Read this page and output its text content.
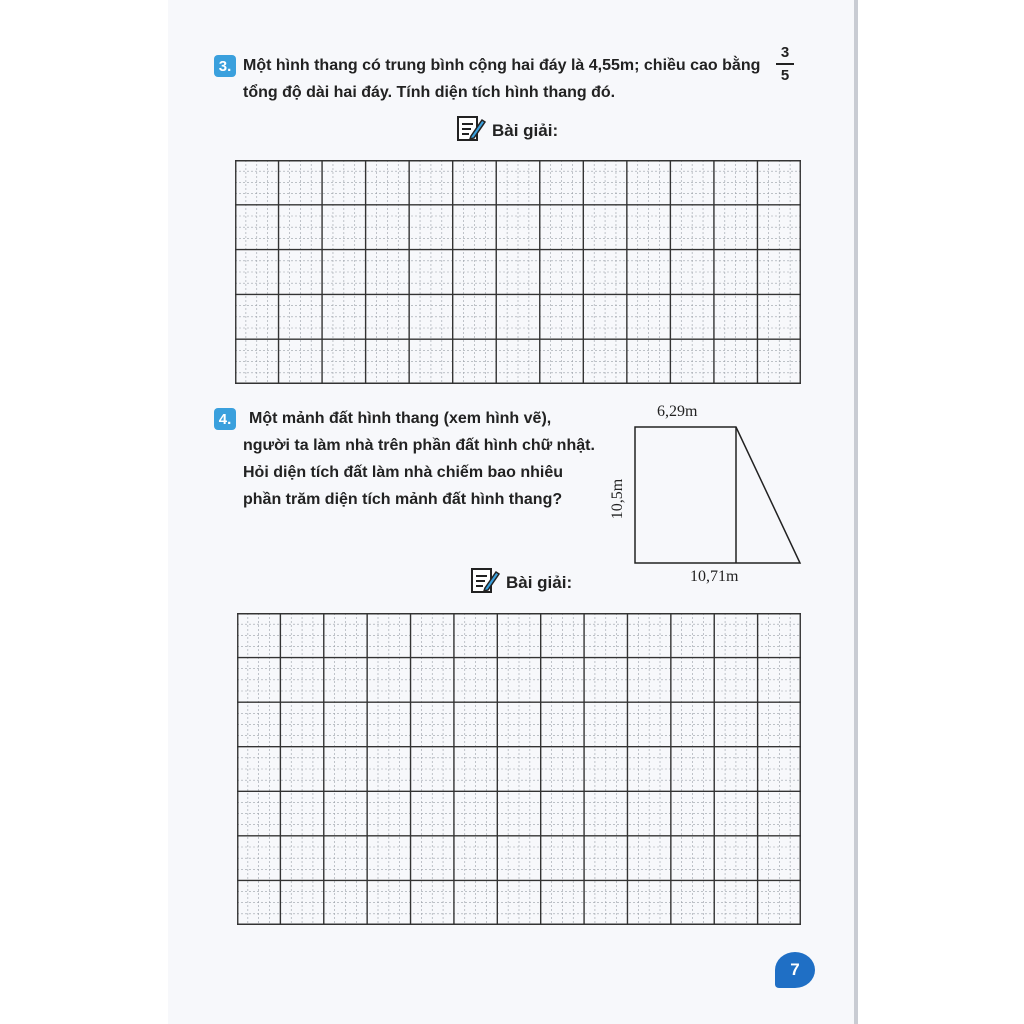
3. Một hình thang có trung bình cộng hai đáy là 4,55m; chiều cao bằng
3
5
tổng độ dài hai đáy. Tính diện tích hình thang đó.
Bài giải:
4. Một mảnh đất hình thang (xem hình vẽ),
người ta làm nhà trên phần đất hình chữ nhật.
Hỏi diện tích đất làm nhà chiếm bao nhiêu
phần trăm diện tích mảnh đất hình thang?
6,29m
10,5m
10,71m
Bài giải:
7
